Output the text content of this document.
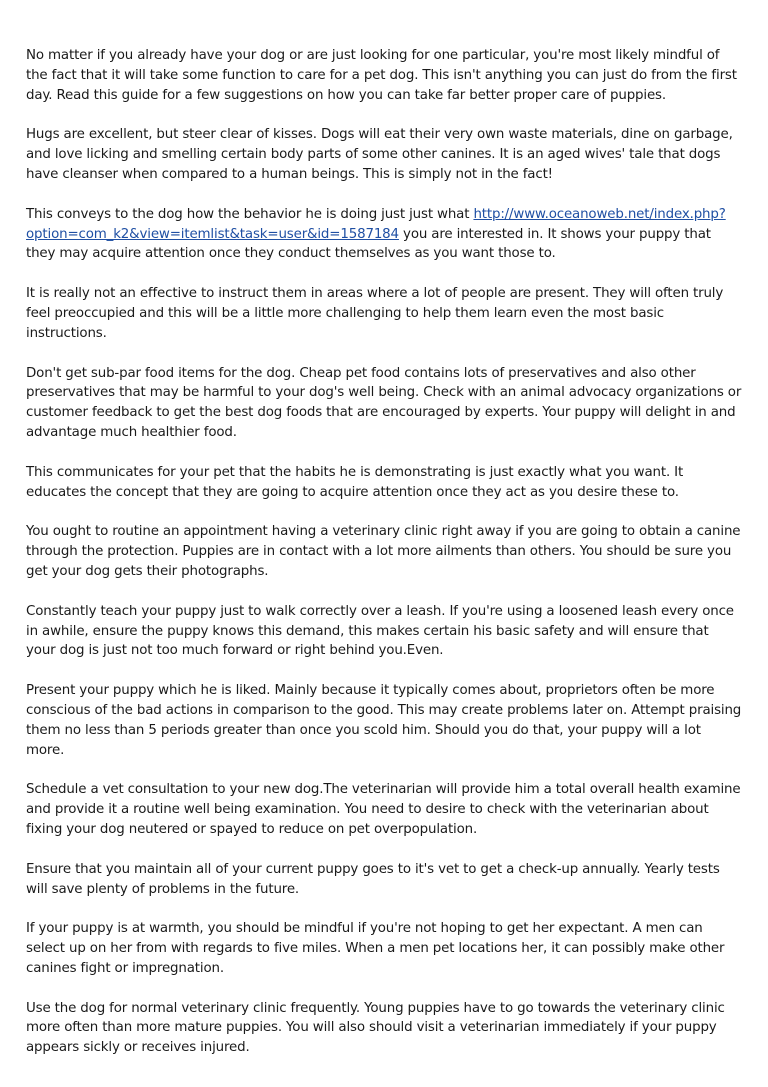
No matter if you already have your dog or are just looking for one particular, you're most likely mindful of the fact that it will take some function to care for a pet dog. This isn't anything you can just do from the first day. Read this guide for a few suggestions on how you can take far better proper care of puppies.

Hugs are excellent, but steer clear of kisses. Dogs will eat their very own waste materials, dine on garbage, and love licking and smelling certain body parts of some other canines. It is an aged wives' tale that dogs have cleanser when compared to a human beings. This is simply not in the fact!

This conveys to the dog how the behavior he is doing just just what http://www.oceanoweb.net/index.php?option=com_k2&view=itemlist&task=user&id=1587184 you are interested in. It shows your puppy that they may acquire attention once they conduct themselves as you want those to.

It is really not an effective to instruct them in areas where a lot of people are present. They will often truly feel preoccupied and this will be a little more challenging to help them learn even the most basic instructions.

Don't get sub-par food items for the dog. Cheap pet food contains lots of preservatives and also other preservatives that may be harmful to your dog's well being. Check with an animal advocacy organizations or customer feedback to get the best dog foods that are encouraged by experts. Your puppy will delight in and advantage much healthier food.

This communicates for your pet that the habits he is demonstrating is just exactly what you want. It educates the concept that they are going to acquire attention once they act as you desire these to.

You ought to routine an appointment having a veterinary clinic right away if you are going to obtain a canine through the protection. Puppies are in contact with a lot more ailments than others. You should be sure you get your dog gets their photographs.

Constantly teach your puppy just to walk correctly over a leash. If you're using a loosened leash every once in awhile, ensure the puppy knows this demand, this makes certain his basic safety and will ensure that your dog is just not too much forward or right behind you.Even.

Present your puppy which he is liked. Mainly because it typically comes about, proprietors often be more conscious of the bad actions in comparison to the good. This may create problems later on. Attempt praising them no less than 5 periods greater than once you scold him. Should you do that, your puppy will a lot more.

Schedule a vet consultation to your new dog.The veterinarian will provide him a total overall health examine and provide it a routine well being examination. You need to desire to check with the veterinarian about fixing your dog neutered or spayed to reduce on pet overpopulation.

Ensure that you maintain all of your current puppy goes to it's vet to get a check-up annually. Yearly tests will save plenty of problems in the future.

If your puppy is at warmth, you should be mindful if you're not hoping to get her expectant. A men can select up on her from with regards to five miles. When a men pet locations her, it can possibly make other canines fight or impregnation.

Use the dog for normal veterinary clinic frequently. Young puppies have to go towards the veterinary clinic more often than more mature puppies. You will also should visit a veterinarian immediately if your puppy appears sickly or receives injured.
